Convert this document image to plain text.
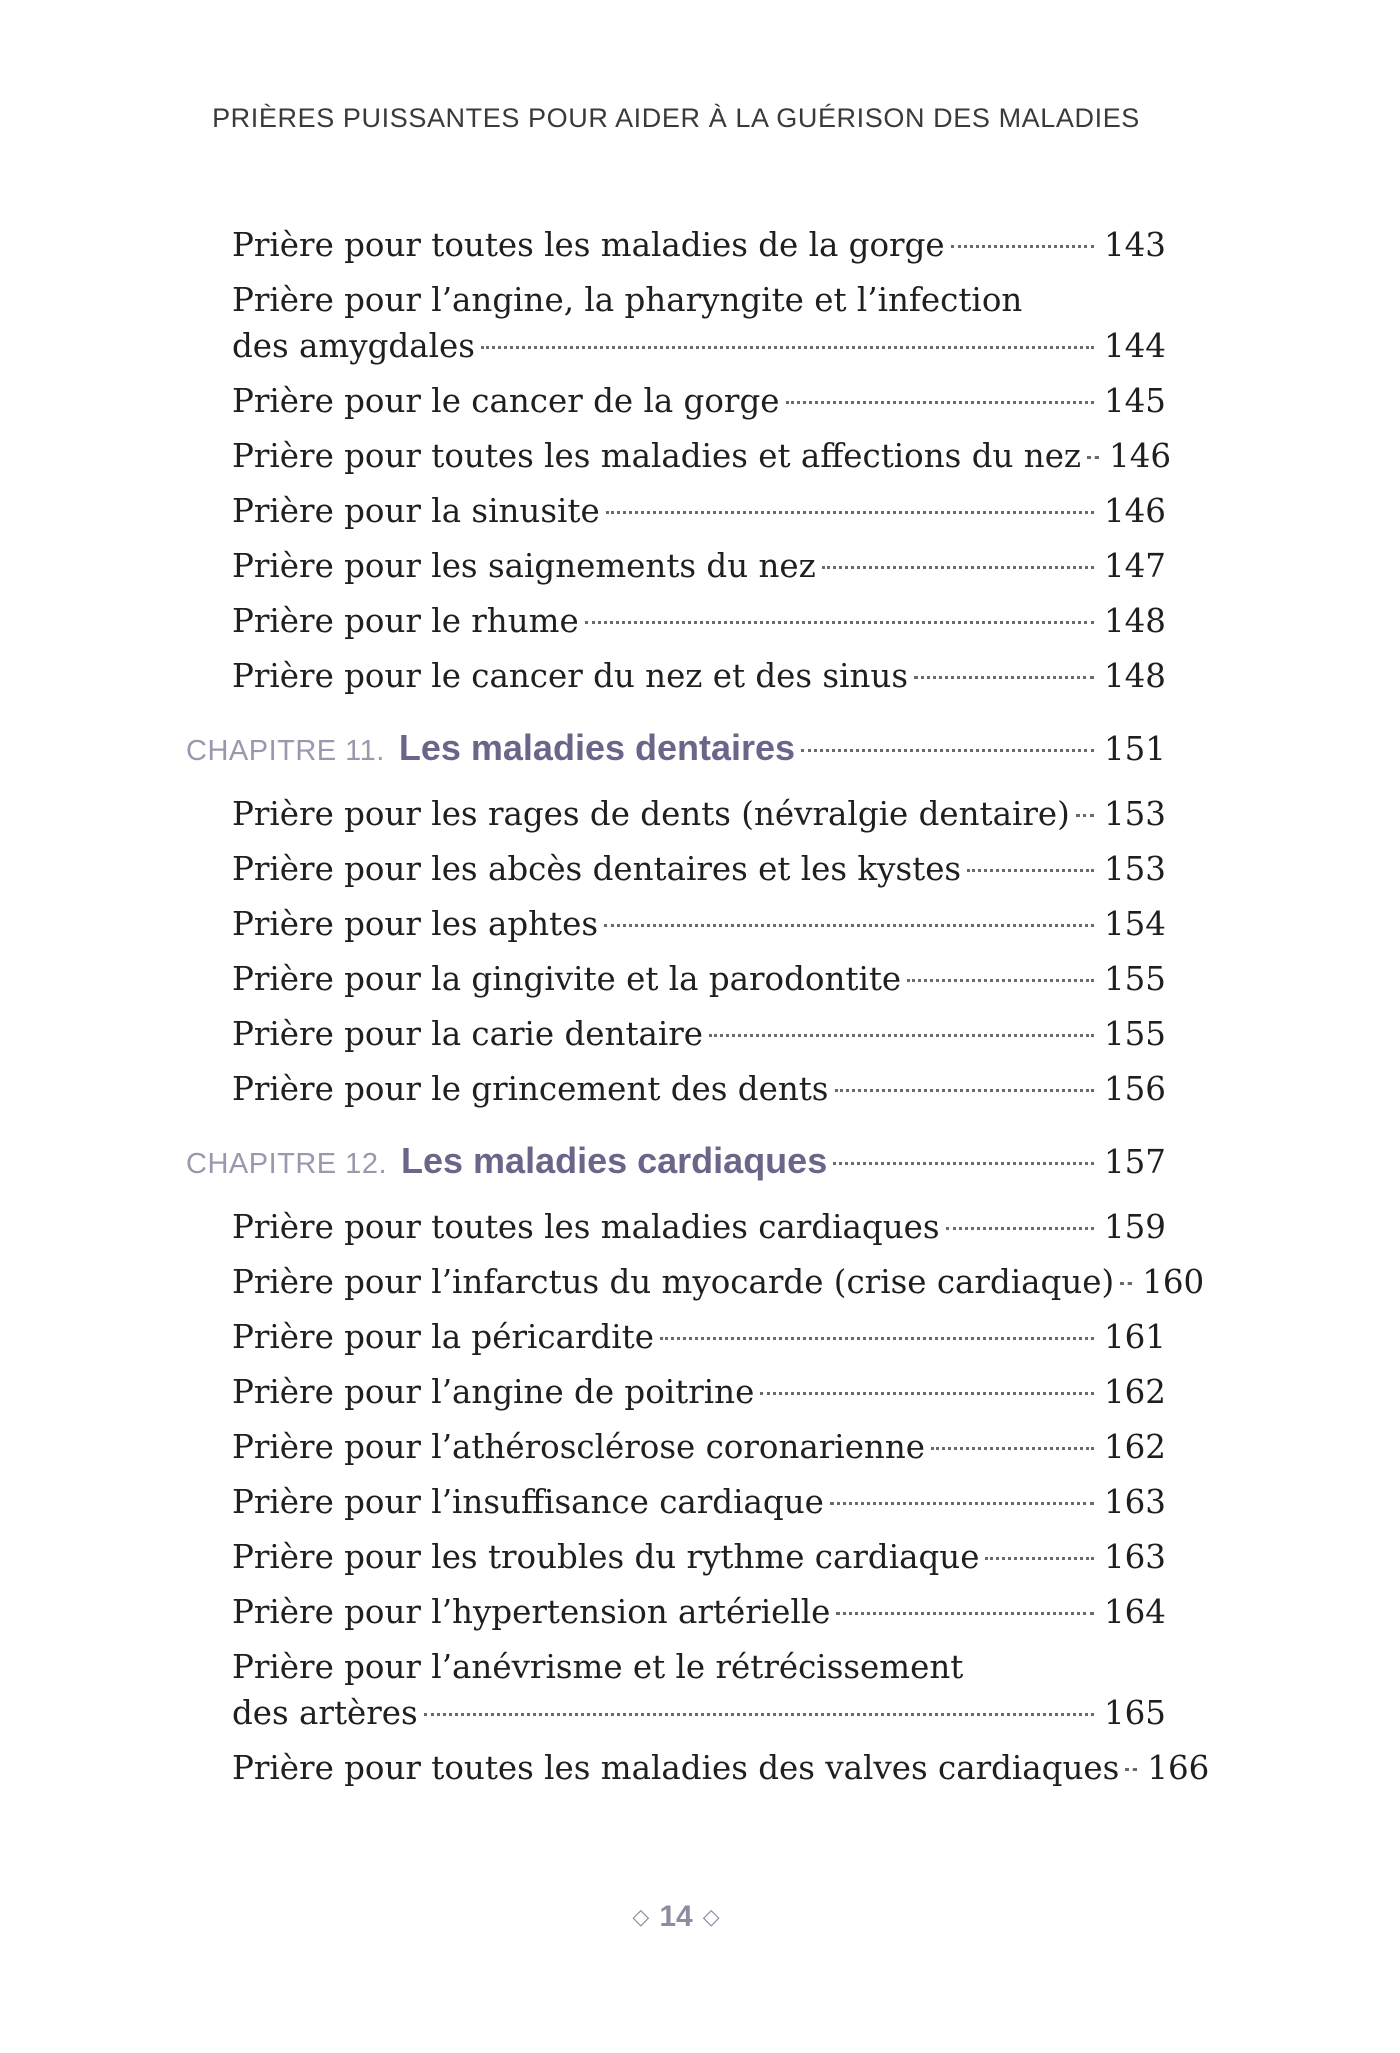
PRIÈRES PUISSANTES POUR AIDER À LA GUÉRISON DES MALADIES
Prière pour toutes les maladies de la gorge	143
Prière pour l’angine, la pharyngite et l’infection
des amygdales	144
Prière pour le cancer de la gorge	145
Prière pour toutes les maladies et affections du nez 146
Prière pour la sinusite	146
Prière pour les saignements du nez	147
Prière pour le rhume	148
Prière pour le cancer du nez et des sinus	148
CHAPITRE 11. Les maladies dentaires	151
Prière pour les rages de dents (névralgie dentaire) 153
Prière pour les abcès dentaires et les kystes	153
Prière pour les aphtes	154
Prière pour la gingivite et la parodontite	155
Prière pour la carie dentaire	155
Prière pour le grincement des dents	156
CHAPITRE 12. Les maladies cardiaques	157
Prière pour toutes les maladies cardiaques	159
Prière pour l’infarctus du myocarde (crise cardiaque) 160
Prière pour la péricardite	161
Prière pour l’angine de poitrine	162
Prière pour l’athérosclérose coronarienne	162
Prière pour l’insuffisance cardiaque	163
Prière pour les troubles du rythme cardiaque	163
Prière pour l’hypertension artérielle	164
Prière pour l’anévrisme et le rétrécissement
des artères	165
Prière pour toutes les maladies des valves cardiaques 166
◇ 14 ◇
